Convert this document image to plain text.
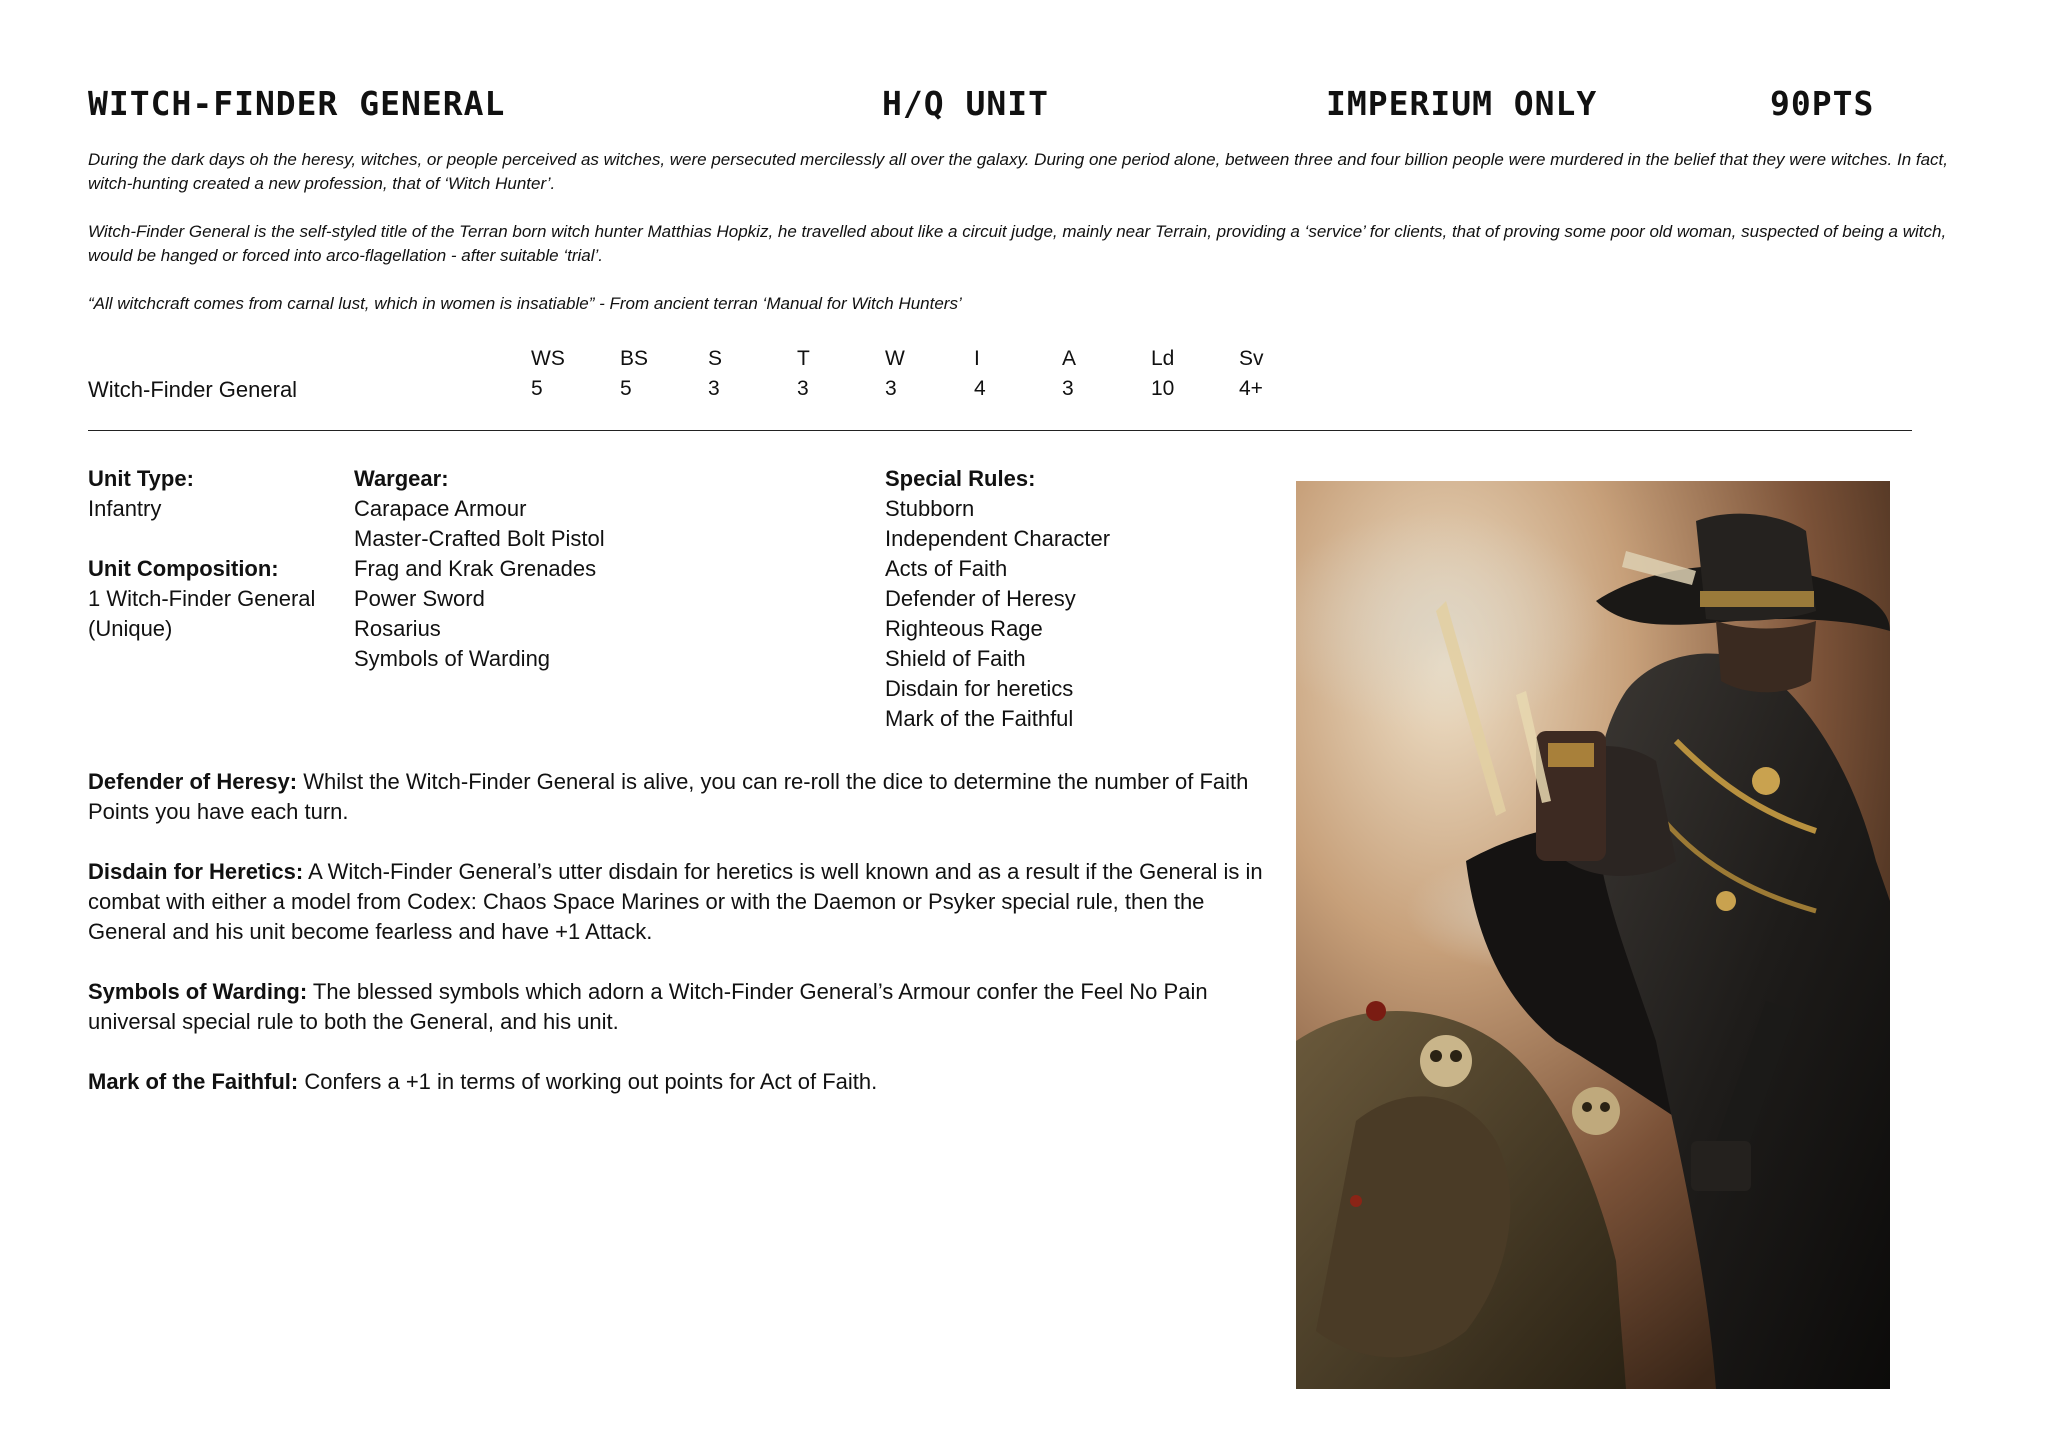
WITCH-FINDER GENERAL	H/Q UNIT	IMPERIUM ONLY	90PTS

During the dark days oh the heresy, witches, or people perceived as witches, were persecuted mercilessly all over the galaxy. During one period alone, between three and four billion people were murdered in the belief that they were witches. In fact, witch-hunting created a new profession, that of ‘Witch Hunter’.

Witch-Finder General is the self-styled title of the Terran born witch hunter Matthias Hopkiz, he travelled about like a circuit judge, mainly near Terrain, providing a ‘service’ for clients, that of proving some poor old woman, suspected of being a witch, would be hanged or forced into arco-flagellation - after suitable ‘trial’.

“All witchcraft comes from carnal lust, which in women is insatiable” - From ancient terran ‘Manual for Witch Hunters’

WS	BS	S	T	W	I	A	Ld	Sv
Witch-Finder General	5	5	3	3	3	4	3	10	4+
Unit Type:
Infantry
Unit Composition:
1 Witch-Finder General
(Unique)
Wargear:
Carapace Armour
Master-Crafted Bolt Pistol
Frag and Krak Grenades
Power Sword
Rosarius
Symbols of Warding
Special Rules:
Stubborn
Independent Character
Acts of Faith
Defender of Heresy
Righteous Rage
Shield of Faith
Disdain for heretics
Mark of the Faithful

Defender of Heresy: Whilst the Witch-Finder General is alive, you can re-roll the dice to determine the number of Faith Points you have each turn.

Disdain for Heretics: A Witch-Finder General’s utter disdain for heretics is well known and as a result if the General is in combat with either a model from Codex: Chaos Space Marines or with the Daemon or Psyker special rule, then the General and his unit become fearless and have +1 Attack.

Symbols of Warding: The blessed symbols which adorn a Witch-Finder General’s Armour confer the Feel No Pain universal special rule to both the General, and his unit.

Mark of the Faithful: Confers a +1 in terms of working out points for Act of Faith.
